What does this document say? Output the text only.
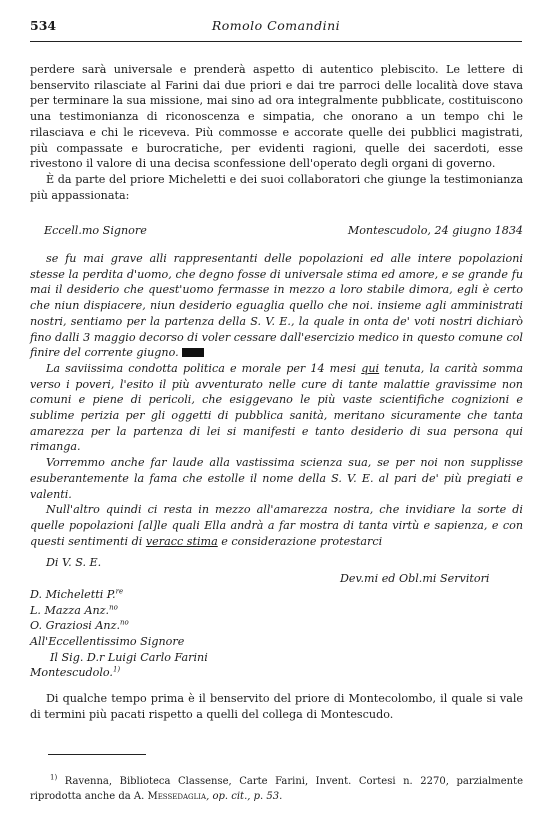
534	Romolo Comandini

perdere sarà universale e prenderà aspetto di autentico plebiscito. Le lettere di benservito rilasciate al Farini dai due priori e dai tre parroci delle località dove stava per terminare la sua missione, mai sino ad ora integralmente pubblicate, costituiscono una testimonianza di riconoscenza e simpatia, che onorano a un tempo chi le rilasciava e chi le riceveva. Più commosse e accorate quelle dei pubblici magistrati, più compassate e burocratiche, per evidenti ragioni, quelle dei sacerdoti, esse rivestono il valore di una decisa sconfessione dell'operato degli organi di governo.

È da parte del priore Micheletti e dei suoi collaboratori che giunge la testimonianza più appassionata:

Eccell.mo Signore	Montescudolo, 24 giugno 1834

se fu mai grave alli rappresentanti delle popolazioni ed alle intere popolazioni stesse la perdita d'uomo, che degno fosse di universale stima ed amore, e se grande fu mai il desiderio che quest'uomo fermasse in mezzo a loro stabile dimora, egli è certo che niun dispiacere, niun desiderio eguaglia quello che noi. insieme agli amministrati nostri, sentiamo per la partenza della S. V. E., la quale in onta de' voti nostri dichiarò fino dalli 3 maggio decorso di voler cessare dall'esercizio medico in questo comune col finire del corrente giugno.

La saviissima condotta politica e morale per 14 mesi qui tenuta, la carità somma verso i poveri, l'esito il più avventurato nelle cure di tante malattie gravissime non comuni e piene di pericoli, che esiggevano le più vaste scientifiche cognizioni e sublime perizia per gli oggetti di pubblica sanità, meritano sicuramente che tanta amarezza per la partenza di lei si manifesti e tanto desiderio di sua persona qui rimanga.

Vorremmo anche far laude alla vastissima scienza sua, se per noi non supplisse esuberantemente la fama che estolle il nome della S. V. E. al pari de' più pregiati e valenti.

Null'altro quindi ci resta in mezzo all'amarezza nostra, che invidiare la sorte di quelle popolazioni [al]le quali Ella andrà a far mostra di tanta virtù e sapienza, e con questi sentimenti di veracc stima e considerazione protestarci

Di V. S. E.

Dev.mi ed Obl.mi Servitori

D. Micheletti P.$^{re}$

L. Mazza Anz.$^{no}$

O. Graziosi Anz.$^{no}$

All'Eccellentissimo Signore

Il Sig. D.r Luigi Carlo Farini

Montescudolo.$^{1)}$

Di qualche tempo prima è il benservito del priore di Montecolombo, il quale si vale di termini più pacati rispetto a quelli del collega di Montescudo.

$^{1)}$ Ravenna, Biblioteca Classense, Carte Farini, Invent. Cortesi n. 2270, parzialmente riprodotta anche da A. Messedaglia, op. cit., p. 53.
